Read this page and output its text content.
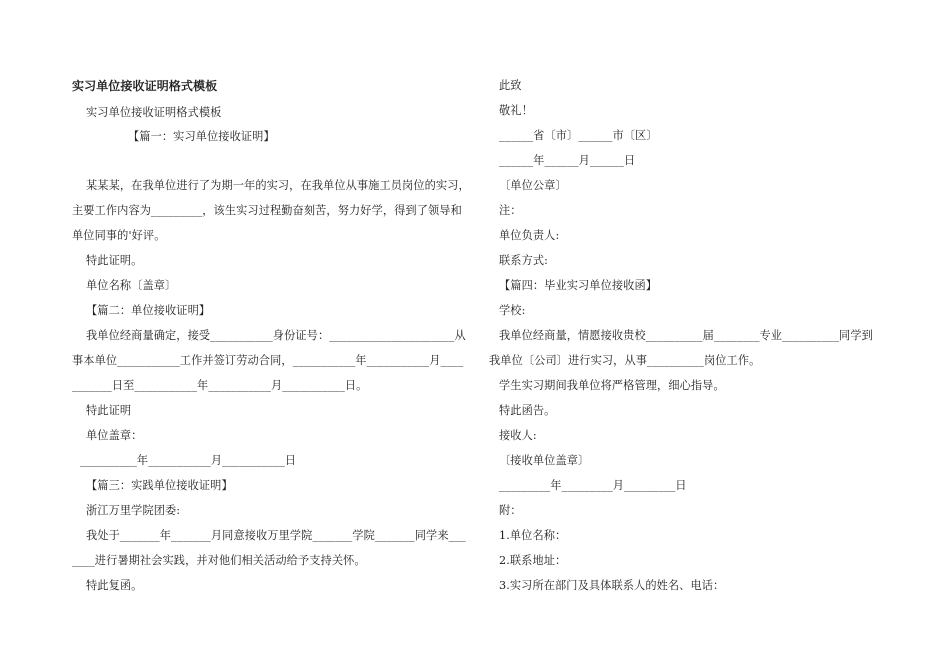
实习单位接收证明格式模板
实习单位接收证明格式模板
【篇一：实习单位接收证明】
某某某，在我单位进行了为期一年的实习，在我单位从事施工员岗位的实习，
主要工作内容为_________，该生实习过程勤奋刻苦，努力好学，得到了领导和
单位同事的'好评。
特此证明。
单位名称〔盖章〕
【篇二：单位接收证明】
我单位经商量确定，接受___________身份证号：______________________从
事本单位___________工作并签订劳动合同，___________年___________月____
_______日至___________年___________月___________日。
特此证明
单位盖章：
__________年___________月___________日
【篇三：实践单位接收证明】
浙江万里学院团委:
我处于_______年_______月同意接收万里学院_______学院_______同学来___
____进行暑期社会实践，并对他们相关活动给予支持关怀。
特此复函。
此致
敬礼！
______省〔市〕______市〔区〕
______年______月______日
〔单位公章〕
注：
单位负责人:
联系方式:
【篇四：毕业实习单位接收函】
学校:
我单位经商量，情愿接收贵校__________届________专业__________同学到
我单位〔公司〕进行实习，从事__________岗位工作。
学生实习期间我单位将严格管理，细心指导。
特此函告。
接收人:
〔接收单位盖章〕
_________年_________月_________日
附：
1.单位名称：
2.联系地址：
3.实习所在部门及具体联系人的姓名、电话：
